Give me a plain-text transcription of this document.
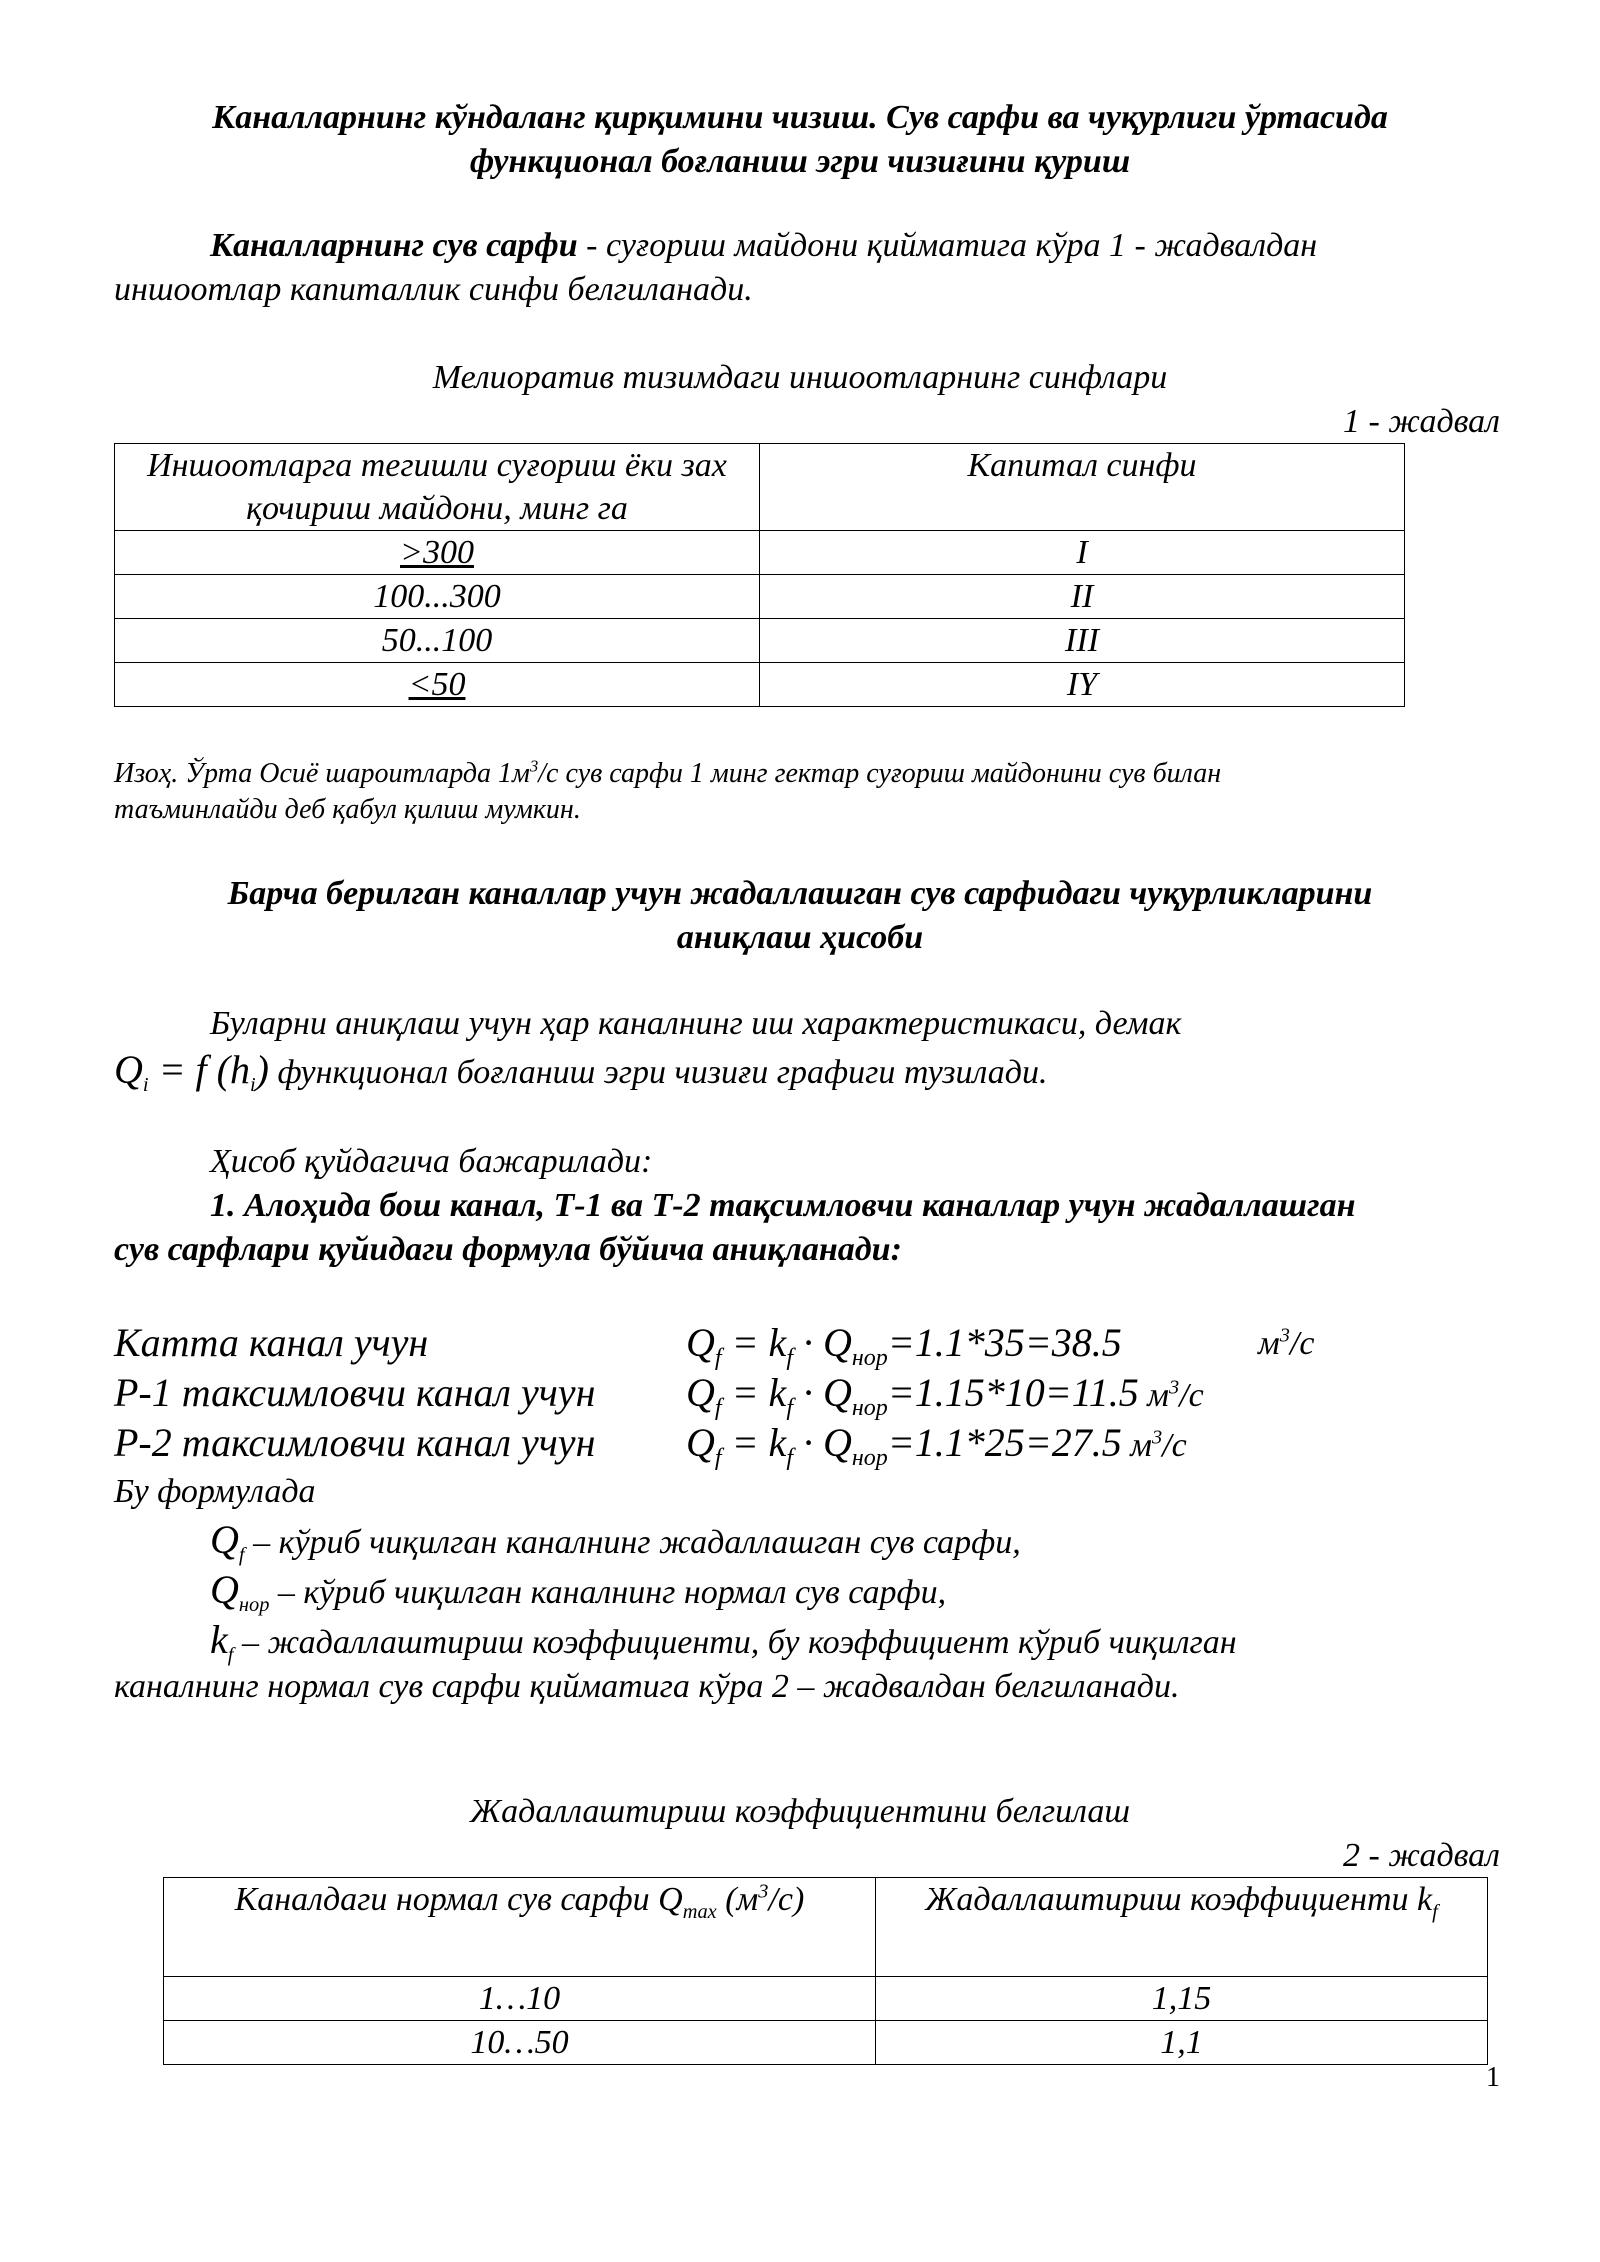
Каналларнинг кўндаланг қирқимини чизиш. Сув сарфи ва чуқурлиги ўртасида
функционал боғланиш эгри чизиғини қуриш
Каналларнинг сув сарфи - суғориш майдони қийматига кўра 1 - жадвалдан
иншоотлар капиталлик синфи белгиланади.
Мелиоратив тизимдаги иншоотларнинг синфлари
1 - жадвал
Иншоотларга тегишли суғориш ёки зах қочириш майдони, минг га	Капитал синфи
>300	I
100...300	II
50...100	III
<50	IY
Изоҳ. Ўрта Осиё шароитларда $1м^3/с$ сув сарфи 1 минг гектар суғориш майдонини сув билан
таъминлайди деб қабул қилиш мумкин.
Барча берилган каналлар учун жадаллашган сув сарфидаги чуқурликларини
аниқлаш ҳисоби
Буларни аниқлаш учун ҳар каналнинг иш характеристикаси, демак
$Q_i = f$ $(h_i)$ функционал боғланиш эгри чизиғи графиги тузилади.
Ҳисоб қуйдагича бажарилади:
1. Алоҳида бош канал, Т-1 ва Т-2 тақсимловчи каналлар учун жадаллашган
сув сарфлари қуйидаги формула бўйича аниқланади:
Катта канал учун	$Q_f = k_f \cdot Q_{нор}=1.1*35=38.5$	$м^3/с$
Р-1 таксимловчи канал учун $Q_f = k_f \cdot Q_{нор}=1.15*10=11.5$ $м^3/с$
Р-2 таксимловчи канал учун $Q_f = k_f \cdot Q_{нор}=1.1*25=27.5$ $м^3/с$
Бу формулада
$Q_f$ – кўриб чиқилган каналнинг жадаллашган сув сарфи,
$Q_{нор}$ – кўриб чиқилган каналнинг нормал сув сарфи,
$k_f$ – жадаллаштириш коэффициенти, бу коэффициент кўриб чиқилган
каналнинг нормал сув сарфи қийматига кўра 2 – жадвалдан белгиланади.
Жадаллаштириш коэффициентини белгилаш
2 - жадвал
Каналдаги нормал сув сарфи $Q_{max}$ $(м^3/с)$	Жадаллаштириш коэффициенти $k_f$
1…10	1,15
10…50	1,1
1
